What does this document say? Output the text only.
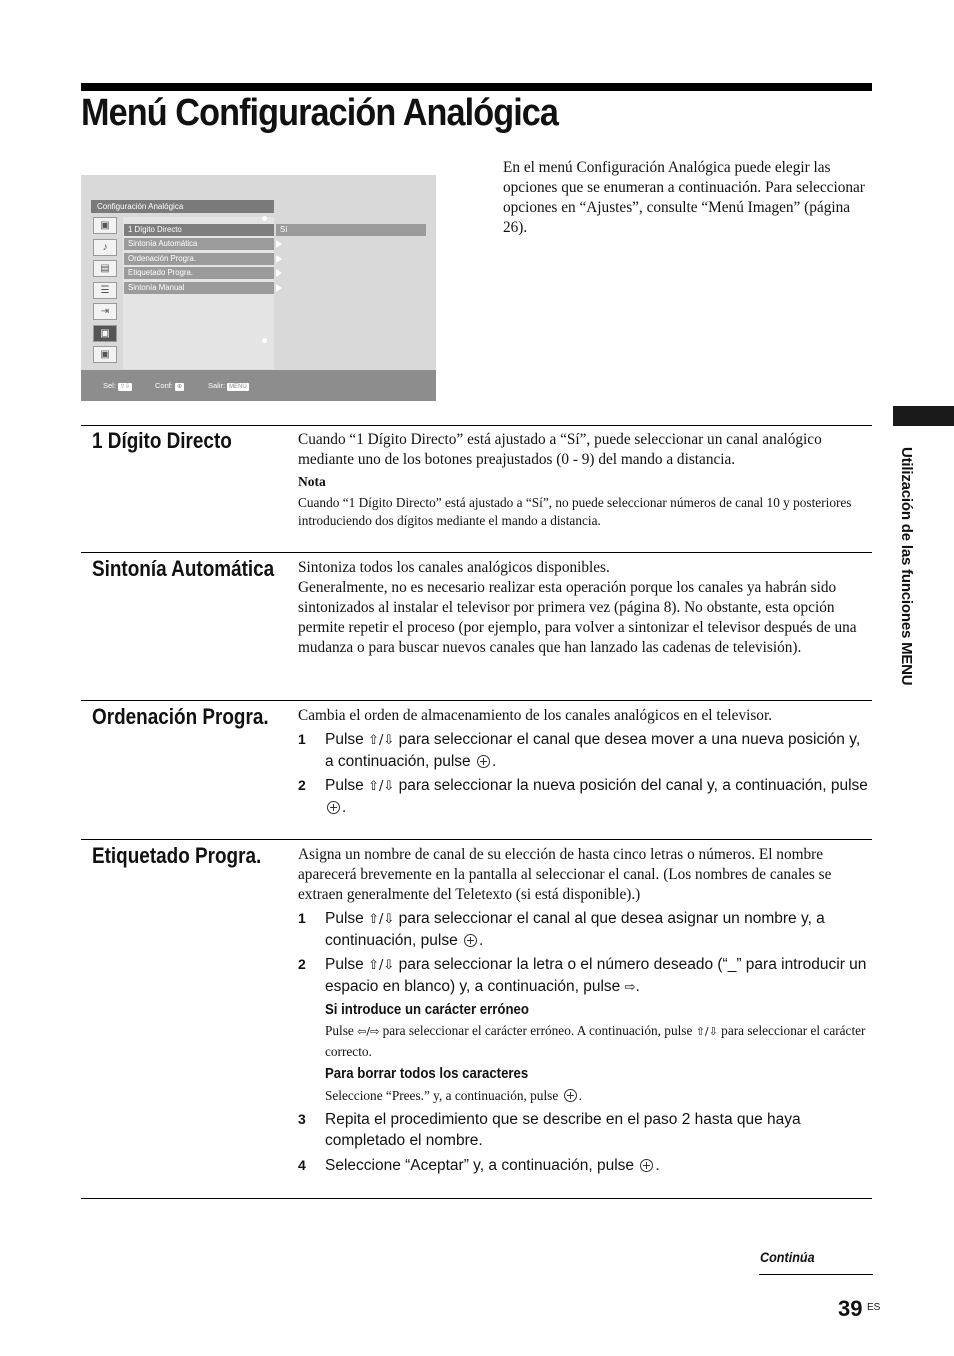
Menú Configuración Analógica
En el menú Configuración Analógica puede elegir las opciones que se enumeran a continuación. Para seleccionar opciones en “Ajustes”, consulte “Menú Imagen” (página 26).
Configuración Analógica
▣
♪
▤
☰
⇥
▣
▣
1 Dígito Directo	Sí
Sintonía Automática
Ordenación Progra.
Etiquetado Progra.
Sintonía Manual
Sel: ⇧⇩	Conf: ⊕	Salir: MENU
1 Dígito Directo	Cuando “1 Dígito Directo” está ajustado a “Sí”, puede seleccionar un canal analógico mediante uno de los botones preajustados (0 - 9) del mando a distancia.
Nota
Cuando “1 Dígito Directo” está ajustado a “Sí”, no puede seleccionar números de canal 10 y posteriores introduciendo dos dígitos mediante el mando a distancia.
Sintonía Automática Sintoniza todos los canales analógicos disponibles.
Generalmente, no es necesario realizar esta operación porque los canales ya habrán sido sintonizados al instalar el televisor por primera vez (página 8). No obstante, esta opción permite repetir el proceso (por ejemplo, para volver a sintonizar el televisor después de una mudanza o para buscar nuevos canales que han lanzado las cadenas de televisión).
Ordenación Progra. Cambia el orden de almacenamiento de los canales analógicos en el televisor.
1 Pulse ⇧/⇩ para seleccionar el canal que desea mover a una nueva posición y, a continuación, pulse .
2 Pulse ⇧/⇩ para seleccionar la nueva posición del canal y, a continuación, pulse .
Etiquetado Progra. Asigna un nombre de canal de su elección de hasta cinco letras o números. El nombre aparecerá brevemente en la pantalla al seleccionar el canal. (Los nombres de canales se extraen generalmente del Teletexto (si está disponible).)
1 Pulse ⇧/⇩ para seleccionar el canal al que desea asignar un nombre y, a continuación, pulse .
2 Pulse ⇧/⇩ para seleccionar la letra o el número deseado (“_” para introducir un espacio en blanco) y, a continuación, pulse ⇨.
Si introduce un carácter erróneo
Pulse ⇦/⇨ para seleccionar el carácter erróneo. A continuación, pulse ⇧/⇩ para seleccionar el carácter correcto.
Para borrar todos los caracteres
Seleccione “Prees.” y, a continuación, pulse .
3 Repita el procedimiento que se describe en el paso 2 hasta que haya completado el nombre.
4 Seleccione “Aceptar” y, a continuación, pulse .
Utilización de las funciones MENU
Continúa
39 ES
